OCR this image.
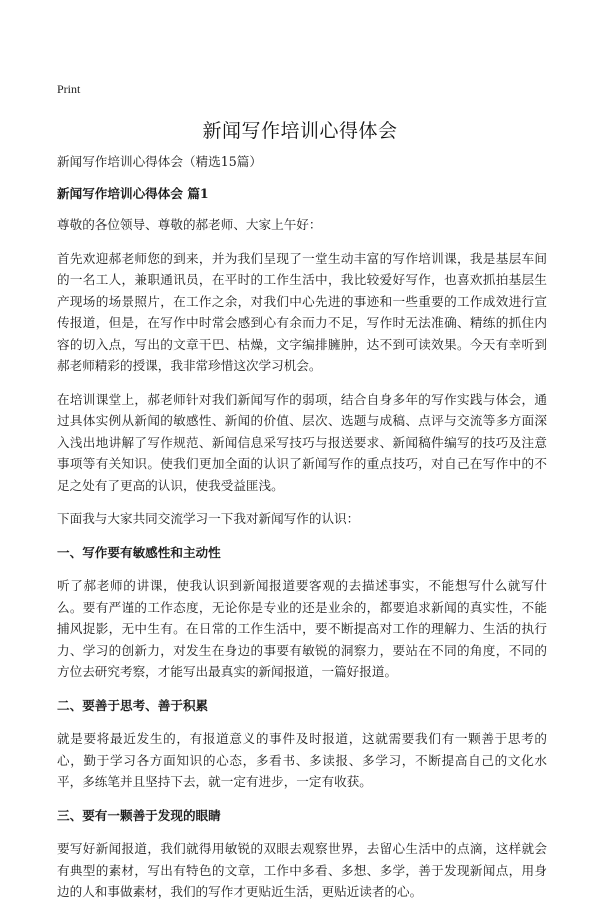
Print
新闻写作培训心得体会

新闻写作培训心得体会（精选15篇）

新闻写作培训心得体会 篇1

尊敬的各位领导、尊敬的郝老师、大家上午好：

首先欢迎郝老师您的到来，并为我们呈现了一堂生动丰富的写作培训课，我是基层车间的一名工人，兼职通讯员，在平时的工作生活中，我比较爱好写作，也喜欢抓拍基层生产现场的场景照片，在工作之余，对我们中心先进的事迹和一些重要的工作成效进行宣传报道，但是，在写作中时常会感到心有余而力不足，写作时无法准确、精练的抓住内容的切入点，写出的文章干巴、枯燥，文字编排臃肿，达不到可读效果。今天有幸听到郝老师精彩的授课，我非常珍惜这次学习机会。

在培训课堂上，郝老师针对我们新闻写作的弱项，结合自身多年的写作实践与体会，通过具体实例从新闻的敏感性、新闻的价值、层次、选题与成稿、点评与交流等多方面深入浅出地讲解了写作规范、新闻信息采写技巧与报送要求、新闻稿件编写的技巧及注意事项等有关知识。使我们更加全面的认识了新闻写作的重点技巧，对自己在写作中的不足之处有了更高的认识，使我受益匪浅。

下面我与大家共同交流学习一下我对新闻写作的认识：

一、写作要有敏感性和主动性

听了郝老师的讲课，使我认识到新闻报道要客观的去描述事实，不能想写什么就写什么。要有严谨的工作态度，无论你是专业的还是业余的，都要追求新闻的真实性，不能捕风捉影，无中生有。在日常的工作生活中，要不断提高对工作的理解力、生活的执行力、学习的创新力，对发生在身边的事要有敏锐的洞察力，要站在不同的角度，不同的方位去研究考察，才能写出最真实的新闻报道，一篇好报道。

二、要善于思考、善于积累

就是要将最近发生的，有报道意义的事件及时报道，这就需要我们有一颗善于思考的心，勤于学习各方面知识的心态，多看书、多读报、多学习，不断提高自己的文化水平，多练笔并且坚持下去，就一定有进步，一定有收获。

三、要有一颗善于发现的眼睛

要写好新闻报道，我们就得用敏锐的双眼去观察世界，去留心生活中的点滴，这样就会有典型的素材，写出有特色的文章，工作中多看、多想、多学，善于发现新闻点，用身边的人和事做素材，我们的写作才更贴近生活，更贴近读者的心。
